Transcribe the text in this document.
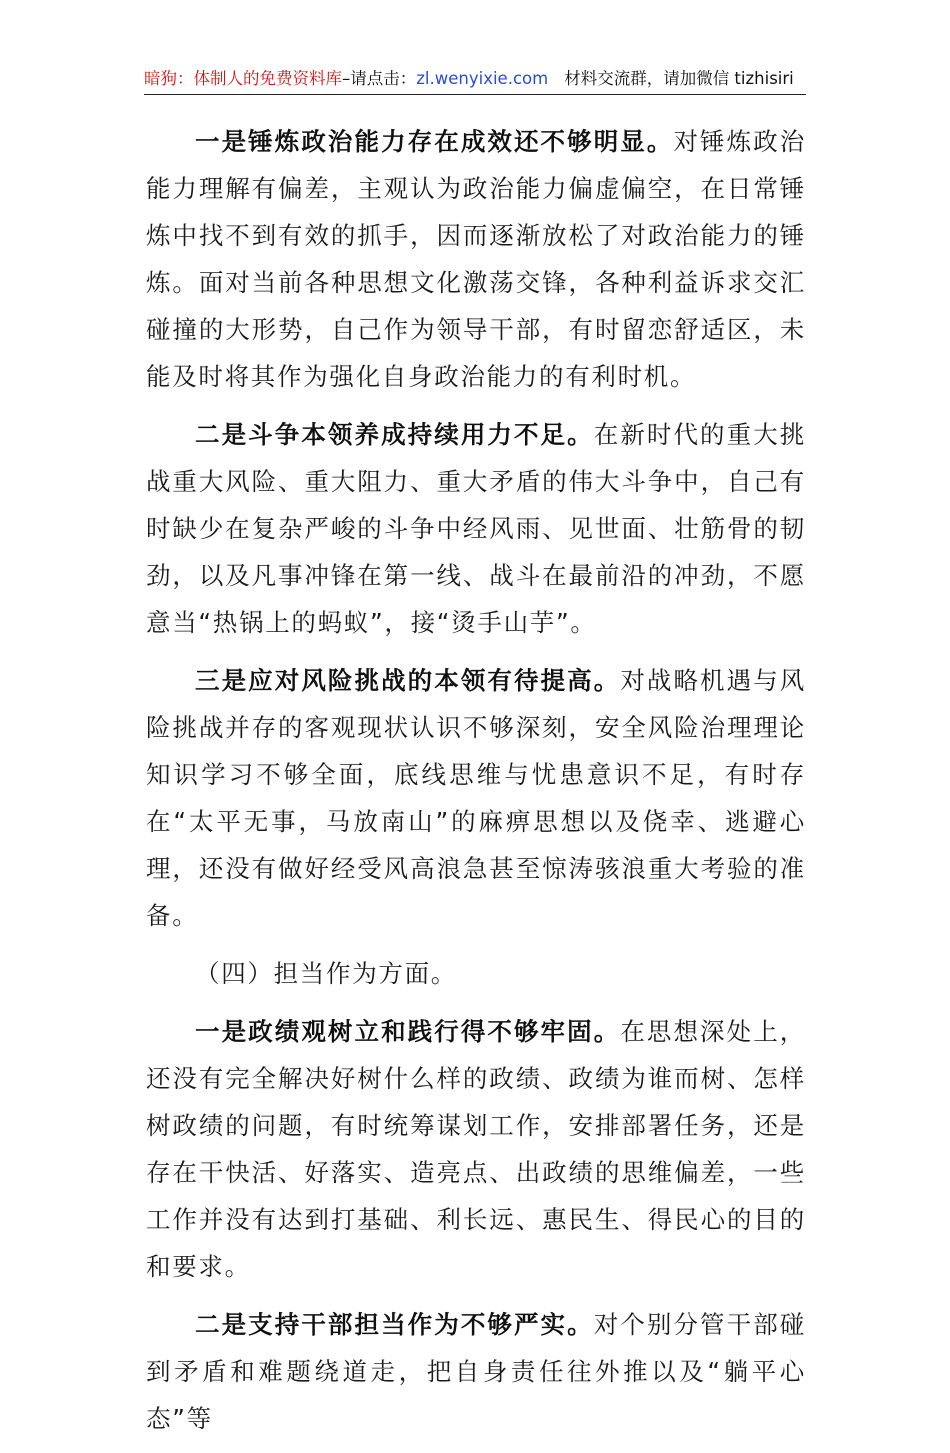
暗狗：体制人的免费资料库–请点击：zl.wenyixie.com 材料交流群，请加微信 tizhisiri

一是锤炼政治能力存在成效还不够明显。对锤炼政治能力理解有偏差，主观认为政治能力偏虚偏空，在日常锤炼中找不到有效的抓手，因而逐渐放松了对政治能力的锤炼。面对当前各种思想文化激荡交锋，各种利益诉求交汇碰撞的大形势，自己作为领导干部，有时留恋舒适区，未能及时将其作为强化自身政治能力的有利时机。

二是斗争本领养成持续用力不足。在新时代的重大挑战重大风险、重大阻力、重大矛盾的伟大斗争中，自己有时缺少在复杂严峻的斗争中经风雨、见世面、壮筋骨的韧劲，以及凡事冲锋在第一线、战斗在最前沿的冲劲，不愿意当“热锅上的蚂蚁”，接“烫手山芋”。

三是应对风险挑战的本领有待提高。对战略机遇与风险挑战并存的客观现状认识不够深刻，安全风险治理理论知识学习不够全面，底线思维与忧患意识不足，有时存在“太平无事，马放南山”的麻痹思想以及侥幸、逃避心理，还没有做好经受风高浪急甚至惊涛骇浪重大考验的准备。

（四）担当作为方面。

一是政绩观树立和践行得不够牢固。在思想深处上，还没有完全解决好树什么样的政绩、政绩为谁而树、怎样树政绩的问题，有时统筹谋划工作，安排部署任务，还是存在干快活、好落实、造亮点、出政绩的思维偏差，一些工作并没有达到打基础、利长远、惠民生、得民心的目的和要求。

二是支持干部担当作为不够严实。对个别分管干部碰到矛盾和难题绕道走，把自身责任往外推以及“躺平心态”等
